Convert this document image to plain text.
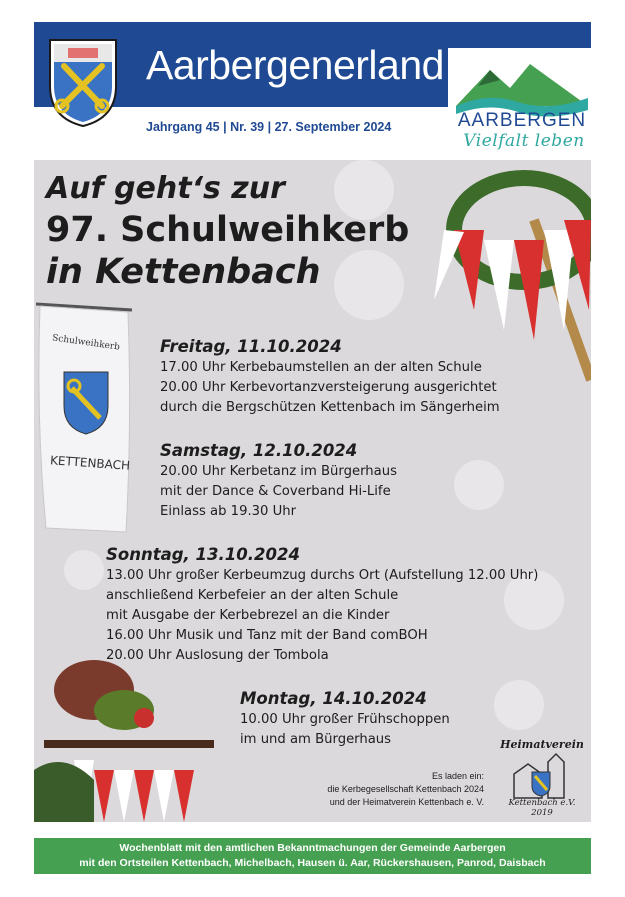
Aarbergenerland
Jahrgang 45 | Nr. 39 | 27. September 2024	AARBERGEN
Vielfalt leben
Auf geht‘s zur
97. Schulweihkerb
in Kettenbach
Schulweihkerb
KETTENBACH
Freitag, 11.10.2024
17.00 Uhr Kerbebaumstellen an der alten Schule
20.00 Uhr Kerbevortanzversteigerung ausgerichtet
durch die Bergschützen Kettenbach im Sängerheim
Samstag, 12.10.2024
20.00 Uhr Kerbetanz im Bürgerhaus
mit der Dance & Coverband Hi-Life
Einlass ab 19.30 Uhr
Sonntag, 13.10.2024
13.00 Uhr großer Kerbeumzug durchs Ort (Aufstellung 12.00 Uhr)
anschließend Kerbefeier an der alten Schule
mit Ausgabe der Kerbebrezel an die Kinder
16.00 Uhr Musik und Tanz mit der Band comBOH
20.00 Uhr Auslosung der Tombola
Montag, 14.10.2024
10.00 Uhr großer Frühschoppen
im und am Bürgerhaus
Es laden ein:
die Kerbegesellschaft Kettenbach 2024
und der Heimatverein Kettenbach e. V.
Heimatverein
Kettenbach e.V.
2019
Wochenblatt mit den amtlichen Bekanntmachungen der Gemeinde Aarbergen
mit den Ortsteilen Kettenbach, Michelbach, Hausen ü. Aar, Rückershausen, Panrod, Daisbach
